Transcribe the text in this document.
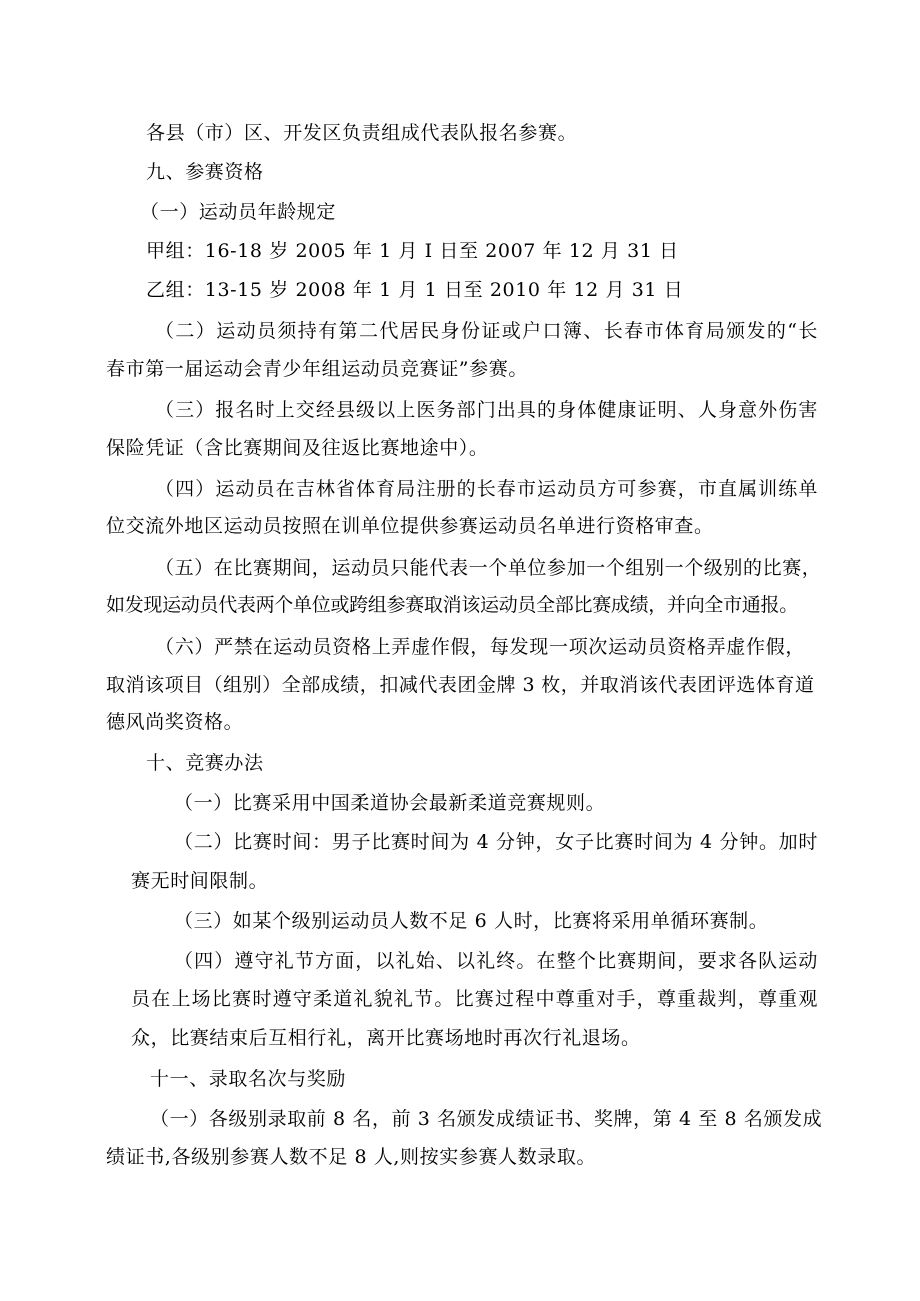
各县（市）区、开发区负责组成代表队报名参赛。
九、参赛资格
（一）运动员年龄规定
甲组：16-18 岁 2005 年 1 月 I 日至 2007 年 12 月 31 日
乙组：13-15 岁 2008 年 1 月 1 日至 2010 年 12 月 31 日
（二）运动员须持有第二代居民身份证或户口簿、长春市体育局颁发的“长
春市第一届运动会青少年组运动员竞赛证”参赛。
（三）报名时上交经县级以上医务部门出具的身体健康证明、人身意外伤害
保险凭证（含比赛期间及往返比赛地途中）。
（四）运动员在吉林省体育局注册的长春市运动员方可参赛，市直属训练单
位交流外地区运动员按照在训单位提供参赛运动员名单进行资格审查。
（五）在比赛期间，运动员只能代表一个单位参加一个组别一个级别的比赛，
如发现运动员代表两个单位或跨组参赛取消该运动员全部比赛成绩，并向全市通报。
（六）严禁在运动员资格上弄虚作假，每发现一项次运动员资格弄虚作假，
取消该项目（组别）全部成绩，扣减代表团金牌 3 枚，并取消该代表团评选体育道
德风尚奖资格。
十、竞赛办法
（一）比赛采用中国柔道协会最新柔道竞赛规则。
（二）比赛时间：男子比赛时间为 4 分钟，女子比赛时间为 4 分钟。加时
赛无时间限制。
（三）如某个级别运动员人数不足 6 人时，比赛将采用单循环赛制。
（四）遵守礼节方面，以礼始、以礼终。在整个比赛期间，要求各队运动
员在上场比赛时遵守柔道礼貌礼节。比赛过程中尊重对手，尊重裁判，尊重观
众，比赛结束后互相行礼，离开比赛场地时再次行礼退场。
十一、录取名次与奖励
（一）各级别录取前 8 名，前 3 名颁发成绩证书、奖牌，第 4 至 8 名颁发成
绩证书,各级别参赛人数不足 8 人,则按实参赛人数录取。
